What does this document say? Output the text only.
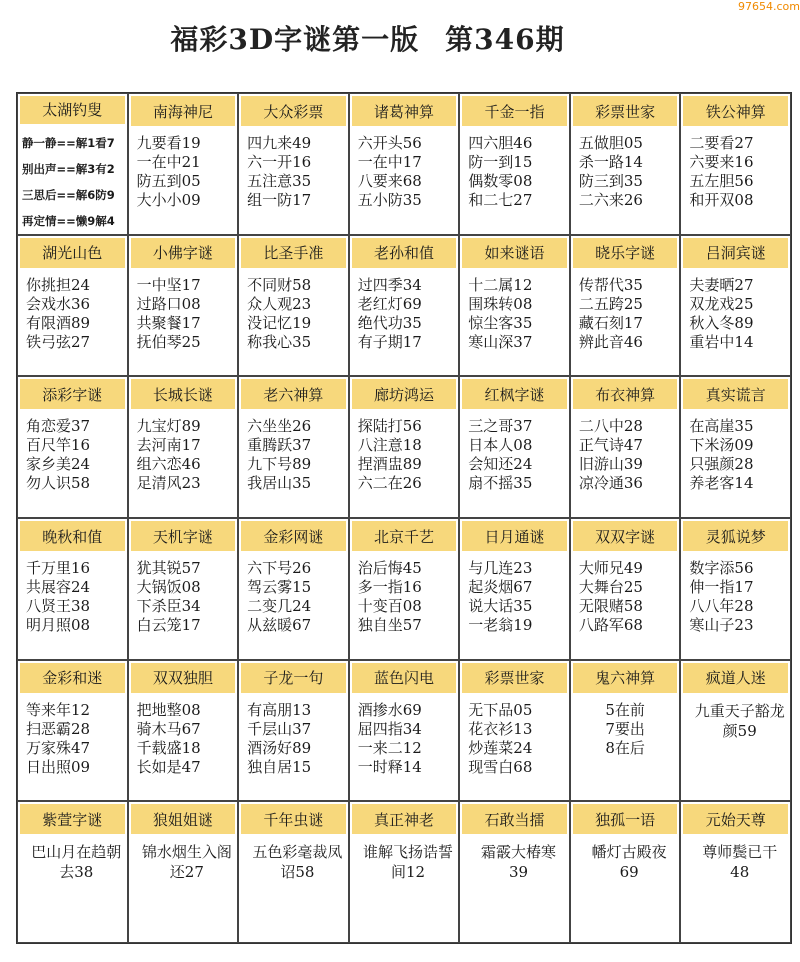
97654.com
福彩3D字谜第一版 第346期
太湖钓叟
静一静==解1看7
别出声==解3有2
三思后==解6防9
再定情==懒9解4
南海神尼
九要看19
一在中21
防五到05
大小小09
大众彩票
四九来49
六一开16
五注意35
组一防17
诸葛神算
六开头56
一在中17
八要来68
五小防35
千金一指
四六胆46
防一到15
偶数零08
和二七27
彩票世家
五做胆05
杀一路14
防三到35
二六来26
铁公神算
二要看27
六要来16
五左胆56
和开双08
湖光山色
你挑担24
会戏水36
有限酒89
铁弓弦27
小佛字谜
一中坚17
过路口08
共聚餐17
抚伯琴25
比圣手准
不同财58
众人观23
没记忆19
称我心35
老孙和值
过四季34
老红灯69
绝代功35
有子期17
如来谜语
十二属12
围珠转08
惊尘客35
寒山深37
晓乐字谜
传帮代35
二五跨25
藏石刻17
辨此音46
吕洞宾谜
夫妻晒27
双龙戏25
秋入冬89
重岩中14
添彩字谜
角恋爱37
百尺竿16
家乡美24
勿人识58
长城长谜
九宝灯89
去河南17
组六恋46
足清风23
老六神算
六坐坐26
重腾跃37
九下号89
我居山35
廊坊鸿运
探陆打56
八注意18
捏酒盅89
六二在26
红枫字谜
三之哥37
日本人08
会知还24
扇不摇35
布衣神算
二八中28
正气诗47
旧游山39
凉冷通36
真实谎言
在高崖35
下米汤09
只强颜28
养老客14
晚秋和值
千万里16
共展容24
八贤王38
明月照08
天机字谜
犹其锐57
大锅饭08
下杀臣34
白云笼17
金彩网谜
六下号26
驾云雾15
二变几24
从兹暖67
北京千艺
治后悔45
多一指16
十变百08
独自坐57
日月通谜
与几连23
起炎烟67
说大话35
一老翁19
双双字谜
大师兄49
大舞台25
无限赌58
八路军68
灵狐说梦
数字添56
伸一指17
八八年28
寒山子23
金彩和迷
等来年12
扫恶霸28
万家殊47
日出照09
双双独胆
把地整08
骑木马67
千载盛18
长如是47
子龙一句
有高朋13
千层山37
酒汤好89
独自居15
蓝色闪电
酒掺水69
屈四指34
一来二12
一时释14
彩票世家
无下品05
花衣衫13
炒莲菜24
现雪白68
鬼六神算
5在前
7要出
8在后
疯道人迷
九重天子豁龙颜59
紫萱字谜
巴山月在趋朝去38
狼姐姐谜
锦水烟生入阁还27
千年虫谜
五色彩毫裁凤诏58
真正神老
谁解飞扬诰誓间12
石敢当擂
霜霰大椿寒39
独孤一语
幡灯古殿夜69
元始天尊
尊师鬓已干48
